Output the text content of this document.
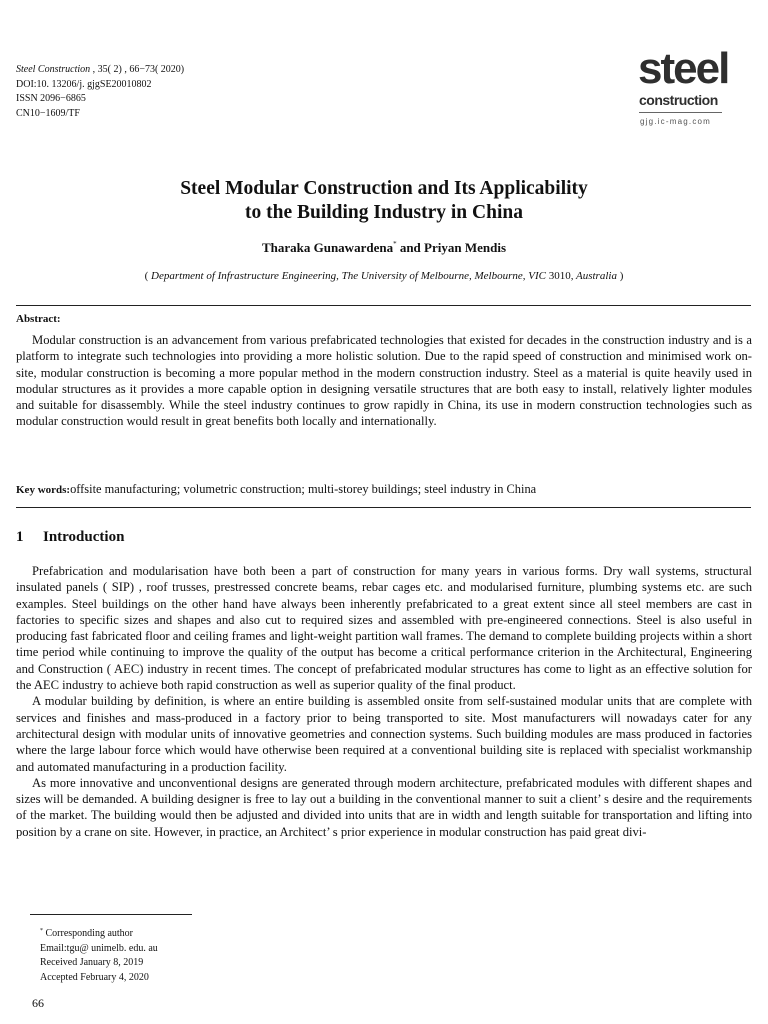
Steel Construction , 35( 2) , 66−73( 2020)
DOI:10. 13206/j. gjgSE20010802
ISSN 2096−6865
CN10−1609/TF
steel
construction
gjg.ic-mag.com
Steel Modular Construction and Its Applicability
to the Building Industry in China
Tharaka Gunawardena* and Priyan Mendis
( Department of Infrastructure Engineering, The University of Melbourne, Melbourne, VIC 3010, Australia )
Abstract:

Modular construction is an advancement from various prefabricated technologies that existed for decades in the construction industry and is a platform to integrate such technologies into providing a more holistic solution. Due to the rapid speed of construction and minimised work on-site, modular construction is becoming a more popular method in the modern construction industry. Steel as a material is quite heavily used in modular structures as it provides a more capable option in designing versatile structures that are both easy to install, relatively lighter modules and suitable for disassembly. While the steel industry continues to grow rapidly in China, its use in modern construction technologies such as modular construction would result in great benefits both locally and internationally.

Key words:offsite manufacturing; volumetric construction; multi-storey buildings; steel industry in China
1 Introduction

Prefabrication and modularisation have both been a part of construction for many years in various forms. Dry wall systems, structural insulated panels ( SIP) , roof trusses, prestressed concrete beams, rebar cages etc. and modularised furniture, plumbing systems etc. are such examples. Steel buildings on the other hand have always been inherently prefabricated to a great extent since all steel members are cast in factories to specific sizes and shapes and also cut to required sizes and assembled with pre-engineered connections. Steel is also useful in producing fast fabricated floor and ceiling frames and light-weight partition wall frames. The demand to complete building projects within a short time period while continuing to improve the quality of the output has become a critical performance criterion in the Architectural, Engineering and Construction ( AEC) industry in recent times. The concept of prefabricated modular structures has come to light as an effective solution for the AEC industry to achieve both rapid construction as well as superior quality of the final product.

A modular building by definition, is where an entire building is assembled onsite from self-sustained modular units that are complete with services and finishes and mass-produced in a factory prior to being transported to site. Most manufacturers will nowadays cater for any architectural design with modular units of innovative geometries and connection systems. Such building modules are mass produced in factories where the large labour force which would have otherwise been required at a conventional building site is replaced with specialist workmanship and automated manufacturing in a production facility.

As more innovative and unconventional designs are generated through modern architecture, prefabricated modules with different shapes and sizes will be demanded. A building designer is free to lay out a building in the conventional manner to suit a client’ s desire and the requirements of the market. The building would then be adjusted and divided into units that are in width and length suitable for transportation and lifting into position by a crane on site. However, in practice, an Architect’ s prior experience in modular construction has paid great divi-

* Corresponding author
Email:tgu@ unimelb. edu. au
Received January 8, 2019
Accepted February 4, 2020
66
